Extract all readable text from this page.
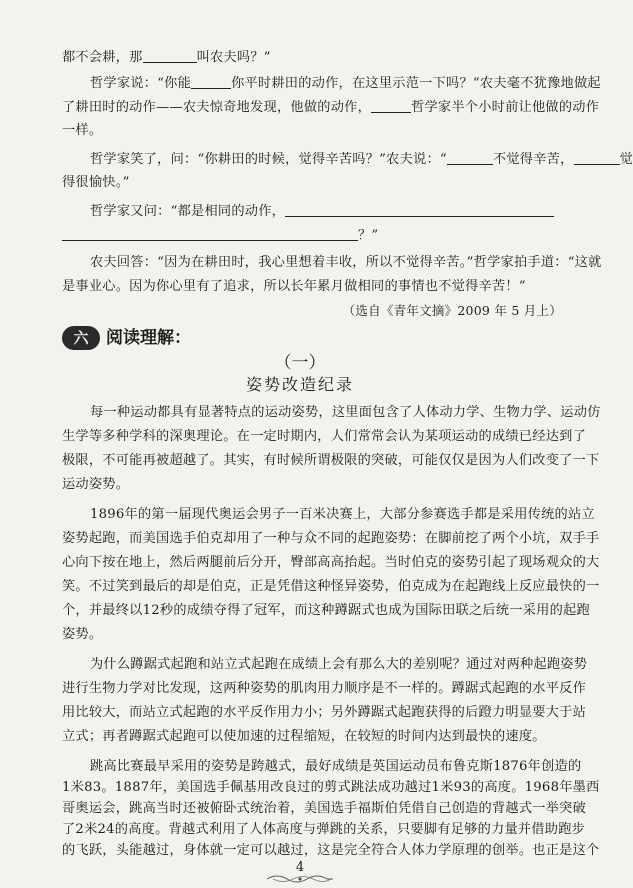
都不会耕，那	叫农夫吗？”
哲学家说：“你能	你平时耕田的动作，在这里示范一下吗？”农夫毫不犹豫地做起
了耕田时的动作——农夫惊奇地发现，他做的动作，	哲学家半个小时前让他做的动作
一样。
哲学家笑了，问：“你耕田的时候，觉得辛苦吗？”农夫说：“	不觉得辛苦，	觉
得很愉快。”
哲学家又问：“都是相同的动作，
？”
农夫回答：“因为在耕田时，我心里想着丰收，所以不觉得辛苦。”哲学家拍手道：“这就
六	阅读理解：
（一）
姿势改造纪录
每一种运动都具有显著特点的运动姿势，这里面包含了人体动力学、生物力学、运动仿
生学等多种学科的深奥理论。在一定时期内，人们常常会认为某项运动的成绩已经达到了
极限，不可能再被超越了。其实，有时候所谓极限的突破，可能仅仅是因为人们改变了一下
运动姿势。
1896年的第一届现代奥运会男子一百米决赛上，大部分参赛选手都是采用传统的站立
姿势起跑，而美国选手伯克却用了一种与众不同的起跑姿势：在脚前挖了两个小坑，双手手
心向下按在地上，然后两腿前后分开，臀部高高抬起。当时伯克的姿势引起了现场观众的大
笑。不过笑到最后的却是伯克，正是凭借这种怪异姿势，伯克成为在起跑线上反应最快的一
个，并最终以12秒的成绩夺得了冠军，而这种蹲踞式也成为国际田联之后统一采用的起跑
姿势。
为什么蹲踞式起跑和站立式起跑在成绩上会有那么大的差别呢？通过对两种起跑姿势
进行生物力学对比发现，这两种姿势的肌肉用力顺序是不一样的。蹲踞式起跑的水平反作
用比较大，而站立式起跑的水平反作用力小；另外蹲踞式起跑获得的后蹬力明显要大于站
立式；再者蹲踞式起跑可以使加速的过程缩短，在较短的时间内达到最快的速度。
是事业心。因为你心里有了追求，所以长年累月做相同的事情也不觉得辛苦！”
（选自《青年文摘》2009 年 5 月上）
跳高比赛最早采用的姿势是跨越式，最好成绩是英国运动员布鲁克斯1876年创造的
1米83。1887年，美国选手佩基用改良过的剪式跳法成功越过1米93的高度。1968年墨西
哥奥运会，跳高当时还被俯卧式统治着，美国选手福斯伯凭借自己创造的背越式一举突破
了2米24的高度。背越式利用了人体高度与弹跳的关系，只要脚有足够的力量并借助跑步
的飞跃，头能越过，身体就一定可以越过，这是完全符合人体力学原理的创举。也正是这个
4
